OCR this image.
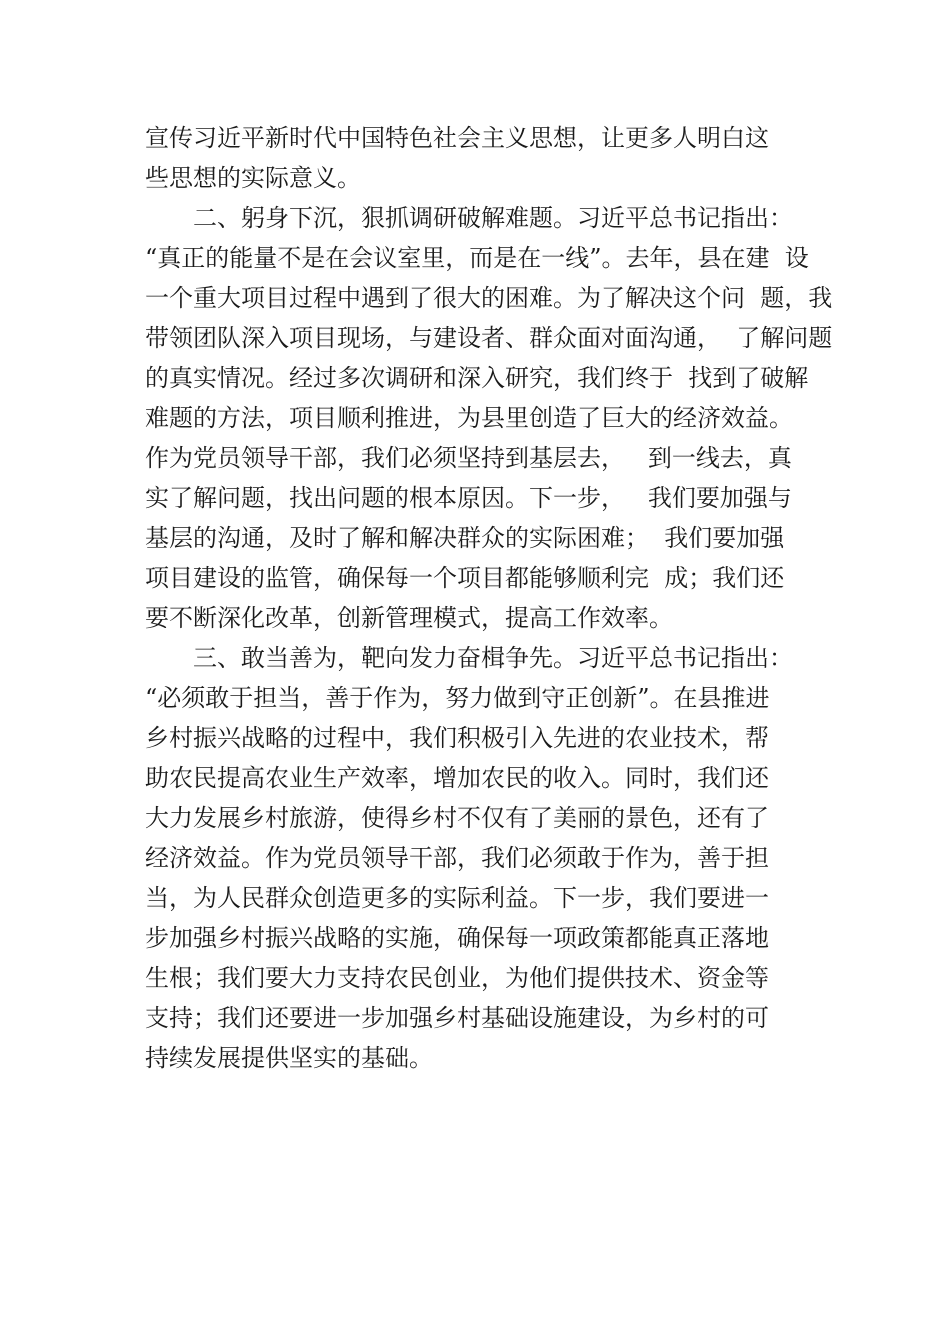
宣传习近平新时代中国特色社会主义思想，让更多人明白这
些思想的实际意义。
二、躬身下沉，狠抓调研破解难题。习近平总书记指出：
“真正的能量不是在会议室里，而是在一线”。去年，县在建  设
一个重大项目过程中遇到了很大的困难。为了解决这个问  题，我
带领团队深入项目现场，与建设者、群众面对面沟通，  了解问题
的真实情况。经过多次调研和深入研究，我们终于  找到了破解
难题的方法，项目顺利推进，为县里创造了巨大的经济效益。
作为党员领导干部，我们必须坚持到基层去，   到一线去，真
实了解问题，找出问题的根本原因。下一步，   我们要加强与
基层的沟通，及时了解和解决群众的实际困难；  我们要加强
项目建设的监管，确保每一个项目都能够顺利完  成；我们还
要不断深化改革，创新管理模式，提高工作效率。
三、敢当善为，靶向发力奋楫争先。习近平总书记指出：
“必须敢于担当，善于作为，努力做到守正创新”。在县推进
乡村振兴战略的过程中，我们积极引入先进的农业技术，帮
助农民提高农业生产效率，增加农民的收入。同时，我们还
大力发展乡村旅游，使得乡村不仅有了美丽的景色，还有了
经济效益。作为党员领导干部，我们必须敢于作为，善于担
当，为人民群众创造更多的实际利益。下一步，我们要进一
步加强乡村振兴战略的实施，确保每一项政策都能真正落地
生根；我们要大力支持农民创业，为他们提供技术、资金等
支持；我们还要进一步加强乡村基础设施建设，为乡村的可
持续发展提供坚实的基础。
